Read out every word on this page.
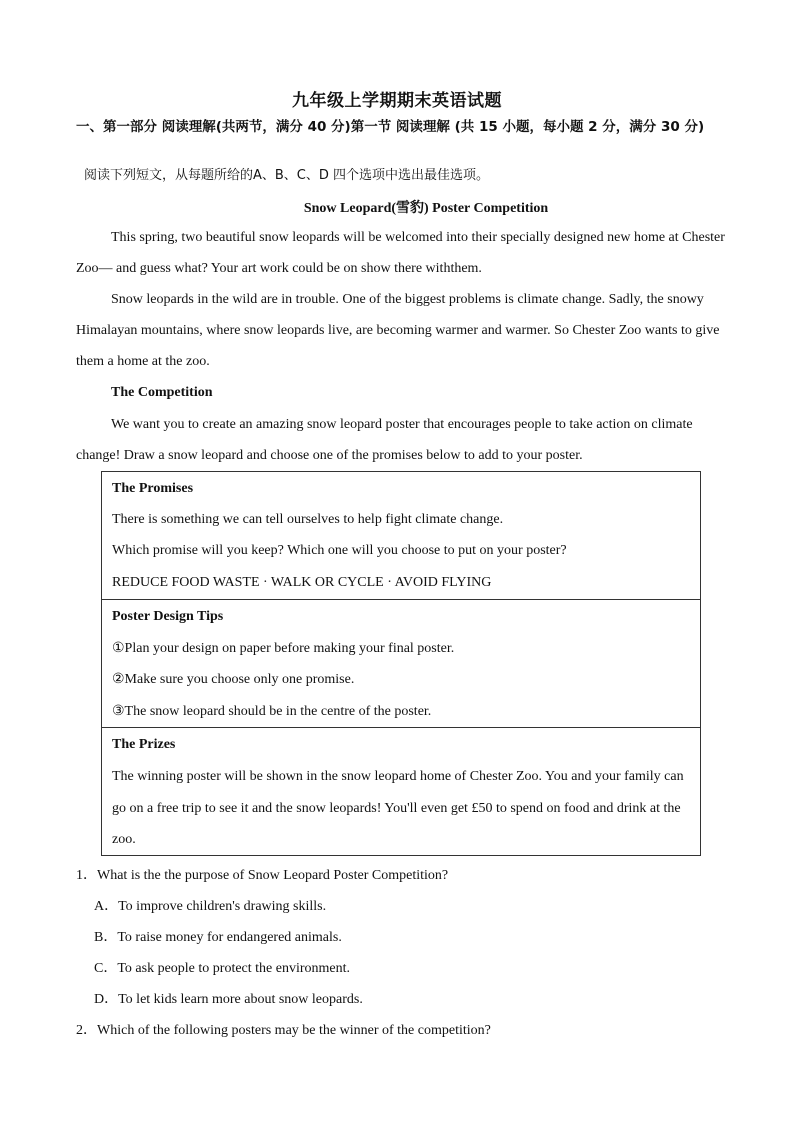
九年级上学期期末英语试题
一、第一部分 阅读理解(共两节，满分 40 分)第一节 阅读理解 (共 15 小题，每小题 2 分，满分 30 分)
阅读下列短文，从每题所给的A、B、C、D 四个选项中选出最佳选项。
Snow Leopard(雪豹) Poster Competition
This spring, two beautiful snow leopards will be welcomed into their specially designed new home at Chester Zoo— and guess what? Your art work could be on show there withthem.
Snow leopards in the wild are in trouble. One of the biggest problems is climate change. Sadly, the snowy Himalayan mountains, where snow leopards live, are becoming warmer and warmer. So Chester Zoo wants to give them a home at the zoo.
The Competition
We want you to create an amazing snow leopard poster that encourages people to take action on climate change! Draw a snow leopard and choose one of the promises below to add to your poster.
The Promises
There is something we can tell ourselves to help fight climate change.
Which promise will you keep? Which one will you choose to put on your poster?
REDUCE FOOD WASTE · WALK OR CYCLE · AVOID FLYING
Poster Design Tips
①Plan your design on paper before making your final poster.
②Make sure you choose only one promise.
③The snow leopard should be in the centre of the poster.
The Prizes
The winning poster will be shown in the snow leopard home of Chester Zoo. You and your family can go on a free trip to see it and the snow leopards! You'll even get £50 to spend on food and drink at the zoo.
1．What is the the purpose of Snow Leopard Poster Competition?
A．To improve children's drawing skills.
B．To raise money for endangered animals.
C．To ask people to protect the environment.
D．To let kids learn more about snow leopards.
2．Which of the following posters may be the winner of the competition?
